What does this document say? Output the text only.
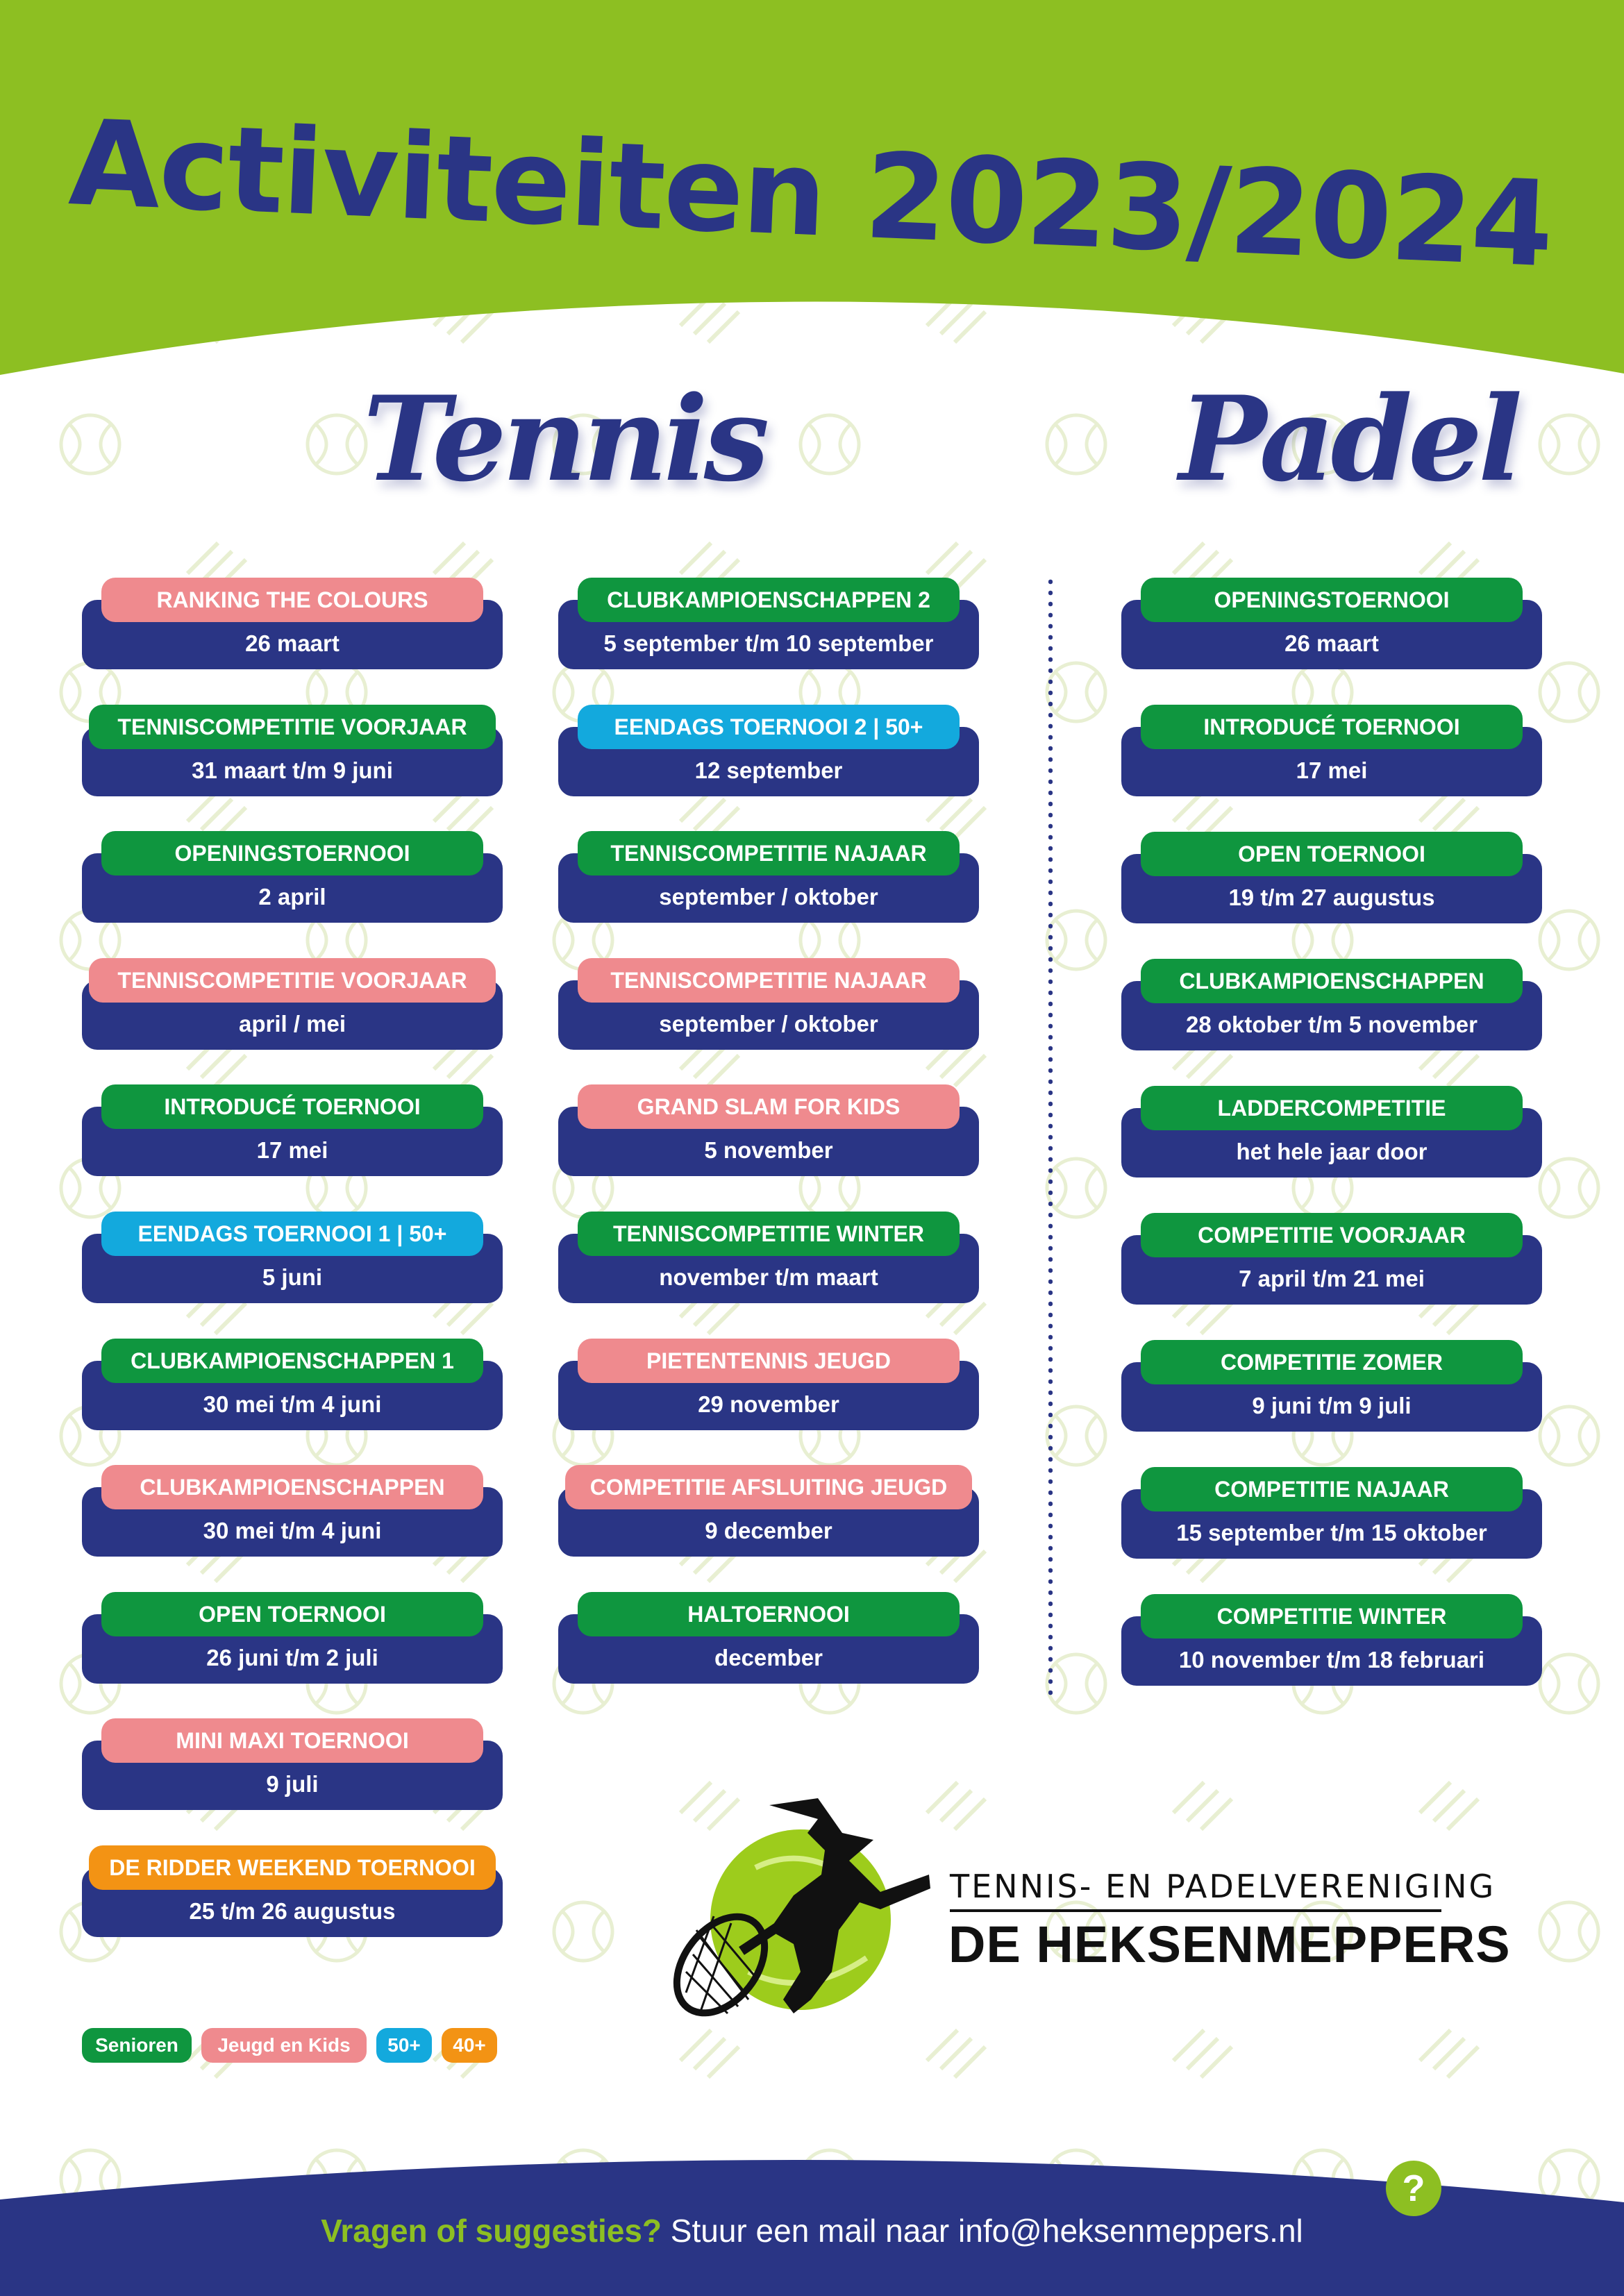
Activiteiten 2023/2024
Tennis	Padel
26 maart
RANKING THE COLOURS
31 maart t/m 9 juni
TENNISCOMPETITIE VOORJAAR
2 april
OPENINGSTOERNOOI
april / mei
TENNISCOMPETITIE VOORJAAR
17 mei
INTRODUCÉ TOERNOOI
5 juni
EENDAGS TOERNOOI 1 | 50+
30 mei t/m 4 juni
CLUBKAMPIOENSCHAPPEN 1
30 mei t/m 4 juni
CLUBKAMPIOENSCHAPPEN
26 juni t/m 2 juli
OPEN TOERNOOI
9 juli
MINI MAXI TOERNOOI
25 t/m 26 augustus
DE RIDDER WEEKEND TOERNOOI
5 september t/m 10 september
CLUBKAMPIOENSCHAPPEN 2
12 september
EENDAGS TOERNOOI 2 | 50+
september / oktober
TENNISCOMPETITIE NAJAAR
september / oktober
TENNISCOMPETITIE NAJAAR
5 november
GRAND SLAM FOR KIDS
november t/m maart
TENNISCOMPETITIE WINTER
29 november
PIETENTENNIS JEUGD
9 december
COMPETITIE AFSLUITING JEUGD
december
HALTOERNOOI
26 maart
OPENINGSTOERNOOI
17 mei
INTRODUCÉ TOERNOOI
19 t/m 27 augustus
OPEN TOERNOOI
28 oktober t/m 5 november
CLUBKAMPIOENSCHAPPEN
het hele jaar door
LADDERCOMPETITIE
7 april t/m 21 mei
COMPETITIE VOORJAAR
9 juni t/m 9 juli
COMPETITIE ZOMER
15 september t/m 15 oktober
COMPETITIE NAJAAR
10 november t/m 18 februari
COMPETITIE WINTER
Senioren	Jeugd en Kids	50+	40+
TENNIS- EN PADELVERENIGING
DE HEKSENMEPPERS
?
Vragen of suggesties? Stuur een mail naar info@heksenmeppers.nl
